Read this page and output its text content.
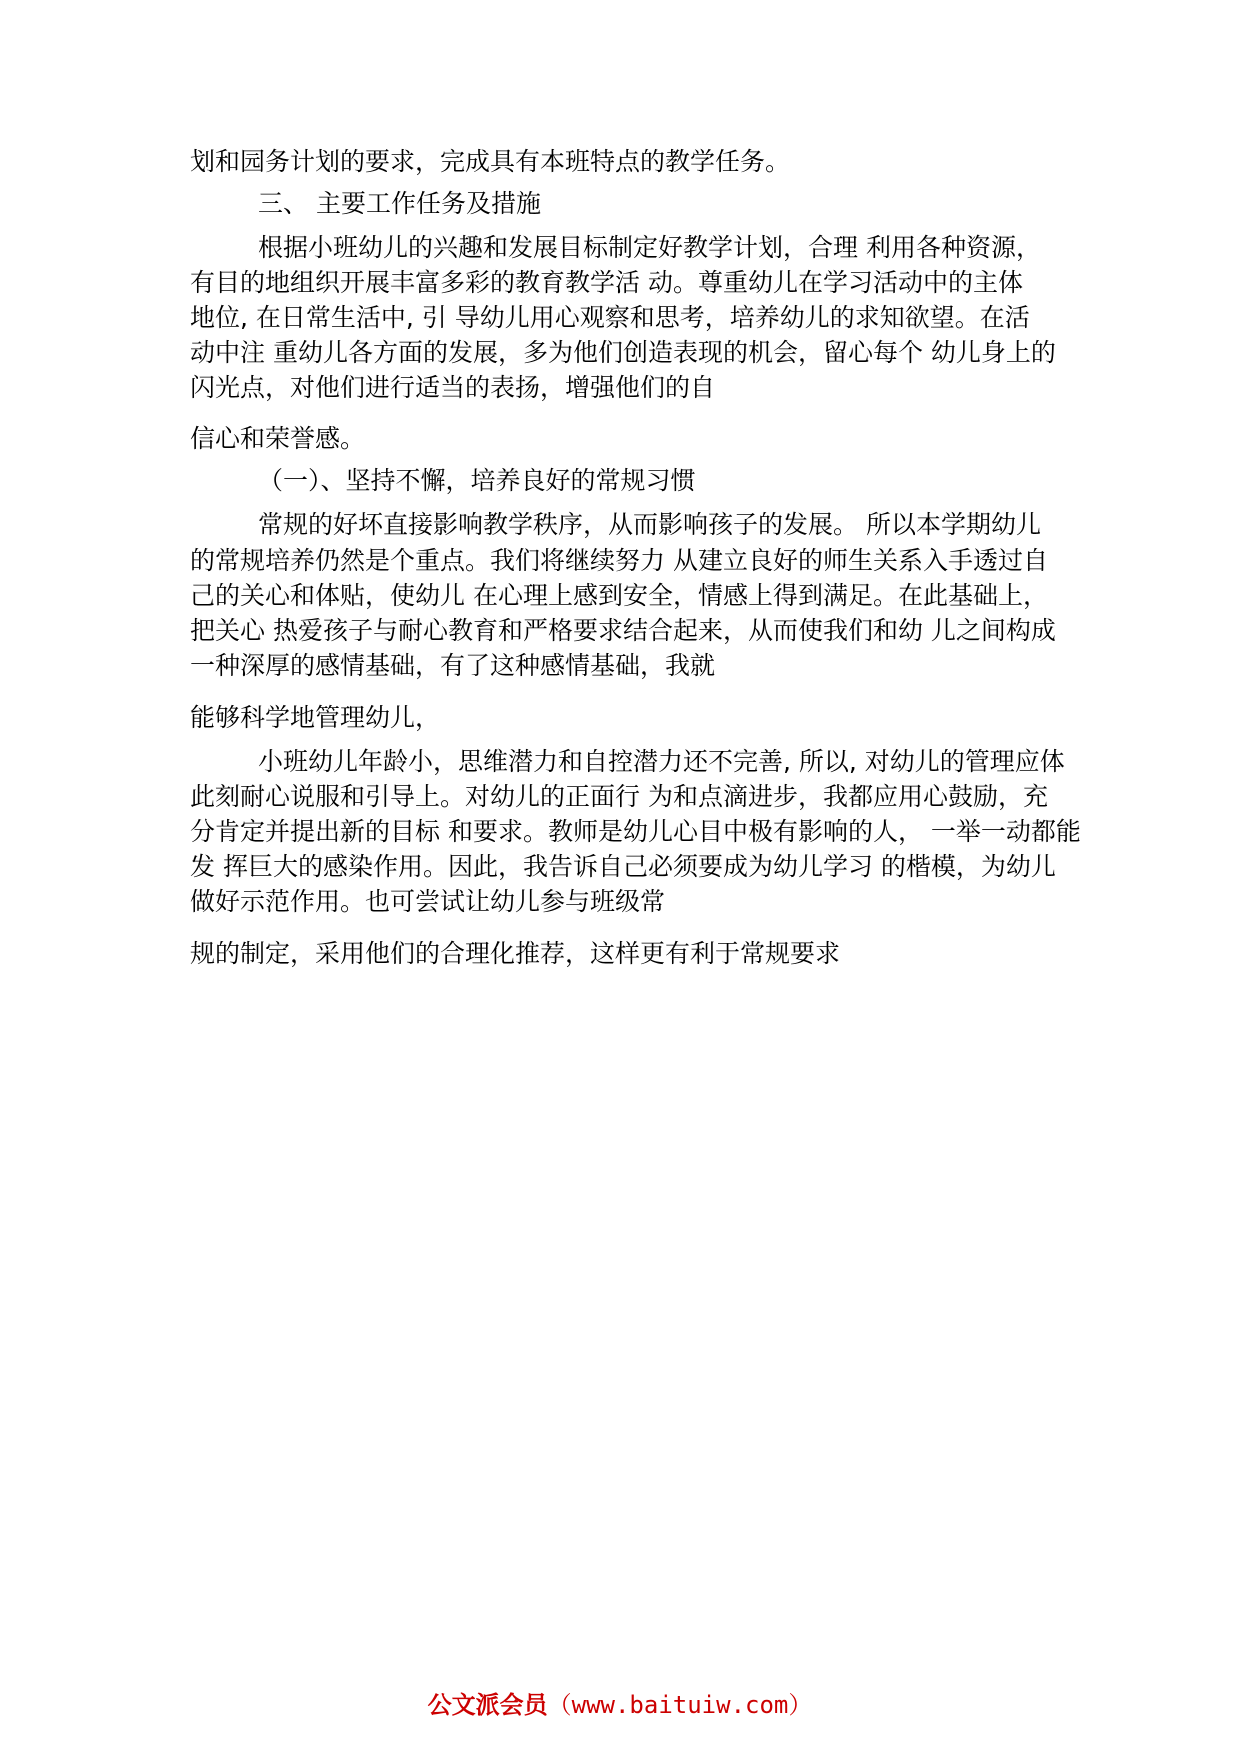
划和园务计划的要求，完成具有本班特点的教学任务。
三、 主要工作任务及措施
根据小班幼儿的兴趣和发展目标制定好教学计划，合理 利用各种资源，
有目的地组织开展丰富多彩的教育教学活 动。尊重幼儿在学习活动中的主体
地位, 在日常生活中, 引 导幼儿用心观察和思考，培养幼儿的求知欲望。在活
动中注 重幼儿各方面的发展，多为他们创造表现的机会，留心每个 幼儿身上的
闪光点，对他们进行适当的表扬，增强他们的自
信心和荣誉感。
（一）、坚持不懈，培养良好的常规习惯
常规的好坏直接影响教学秩序，从而影响孩子的发展。 所以本学期幼儿
的常规培养仍然是个重点。我们将继续努力 从建立良好的师生关系入手透过自
己的关心和体贴，使幼儿 在心理上感到安全，情感上得到满足。在此基础上，
把关心 热爱孩子与耐心教育和严格要求结合起来，从而使我们和幼 儿之间构成
一种深厚的感情基础，有了这种感情基础，我就
能够科学地管理幼儿，
小班幼儿年龄小，思维潜力和自控潜力还不完善, 所以, 对幼儿的管理应体
此刻耐心说服和引导上。对幼儿的正面行 为和点滴进步，我都应用心鼓励，充
分肯定并提出新的目标 和要求。教师是幼儿心目中极有影响的人， 一举一动都能
发 挥巨大的感染作用。因此，我告诉自己必须要成为幼儿学习 的楷模，为幼儿
做好示范作用。也可尝试让幼儿参与班级常
规的制定，采用他们的合理化推荐，这样更有利于常规要求
公文派会员（www.baituiw.com）
